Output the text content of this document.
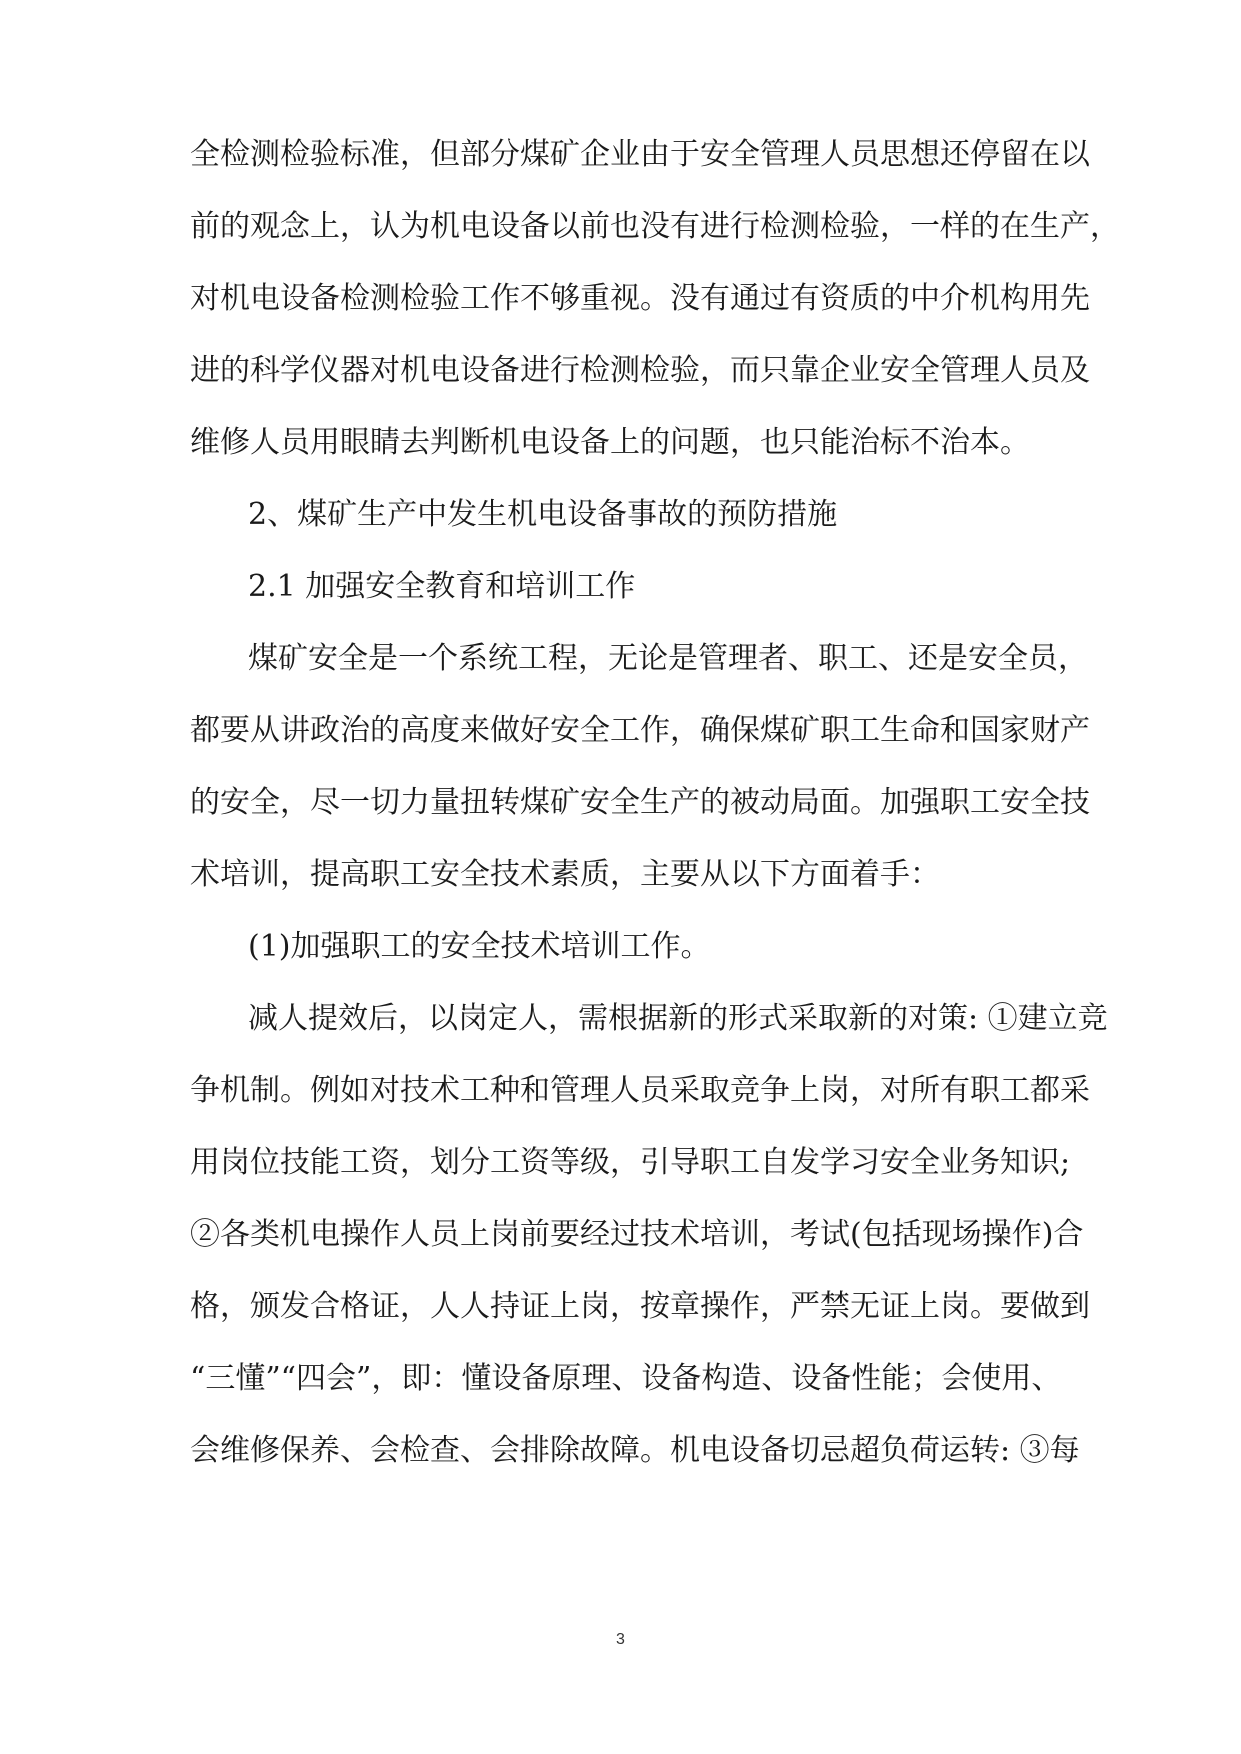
全检测检验标准，但部分煤矿企业由于安全管理人员思想还停留在以
前的观念上，认为机电设备以前也没有进行检测检验，一样的在生产，
对机电设备检测检验工作不够重视。没有通过有资质的中介机构用先
进的科学仪器对机电设备进行检测检验，而只靠企业安全管理人员及
维修人员用眼睛去判断机电设备上的问题，也只能治标不治本。
2、煤矿生产中发生机电设备事故的预防措施
2.1 加强安全教育和培训工作
煤矿安全是一个系统工程，无论是管理者、职工、还是安全员，
都要从讲政治的高度来做好安全工作，确保煤矿职工生命和国家财产
的安全，尽一切力量扭转煤矿安全生产的被动局面。加强职工安全技
术培训，提高职工安全技术素质，主要从以下方面着手：
(1)加强职工的安全技术培训工作。
减人提效后，以岗定人，需根据新的形式采取新的对策: ①建立竞
争机制。例如对技术工种和管理人员采取竞争上岗，对所有职工都采
用岗位技能工资，划分工资等级，引导职工自发学习安全业务知识;
②各类机电操作人员上岗前要经过技术培训，考试(包括现场操作)合
格，颁发合格证，人人持证上岗，按章操作，严禁无证上岗。要做到
“三懂”“四会”，即：懂设备原理、设备构造、设备性能；会使用、
会维修保养、会检查、会排除故障。机电设备切忌超负荷运转: ③每
3
